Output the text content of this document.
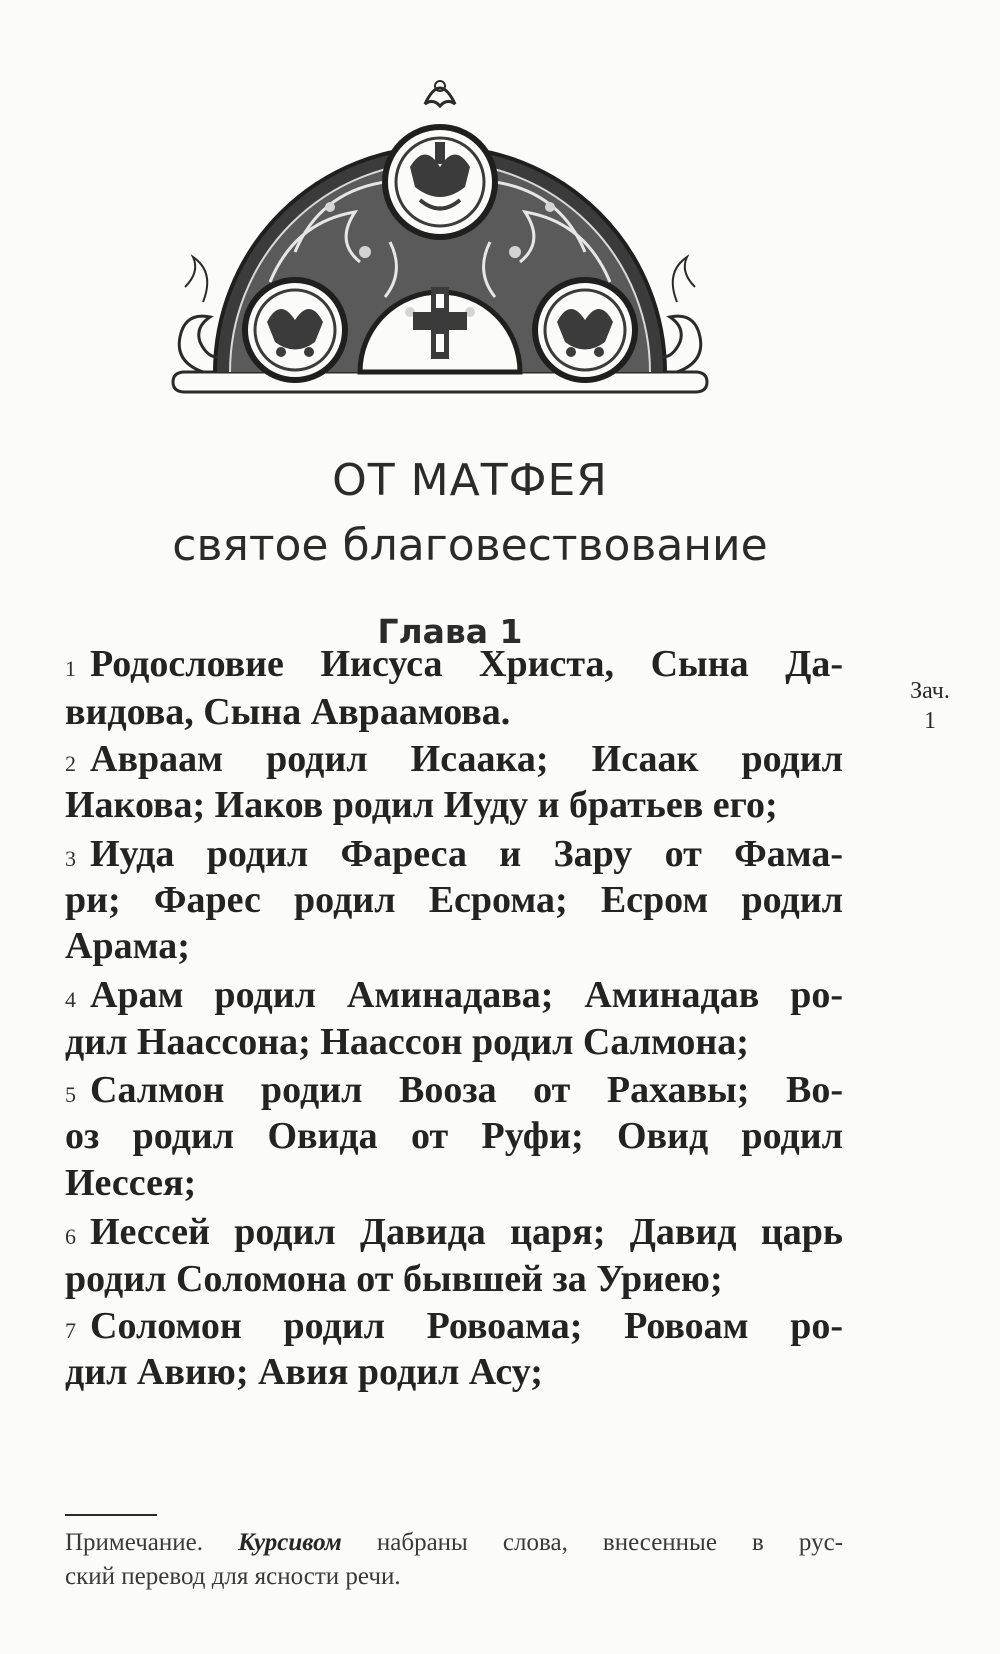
ОТ МАТФЕЯ
святое благовествование
Глава 1
Зач.
1
1 Родословие Иисуса Христа, Сына Да-
видова, Сына Авраамова.
2 Авраам родил Исаака; Исаак родил
Иакова; Иаков родил Иуду и братьев его;
3 Иуда родил Фареса и Зару от Фама-
ри; Фарес родил Есрома; Есром родил
Арама;
4 Арам родил Аминадава; Аминадав ро-
дил Наассона; Наассон родил Салмона;
5 Салмон родил Вооза от Рахавы; Во-
оз родил Овида от Руфи; Овид родил
Иессея;
6 Иессей родил Давида царя; Давид царь
родил Соломона от бывшей за Уриею;
7 Соломон родил Ровоама; Ровоам ро-
дил Авию; Авия родил Асу;
Примечание. Курсивом набраны слова, внесенные в рус-
ский перевод для ясности речи.
